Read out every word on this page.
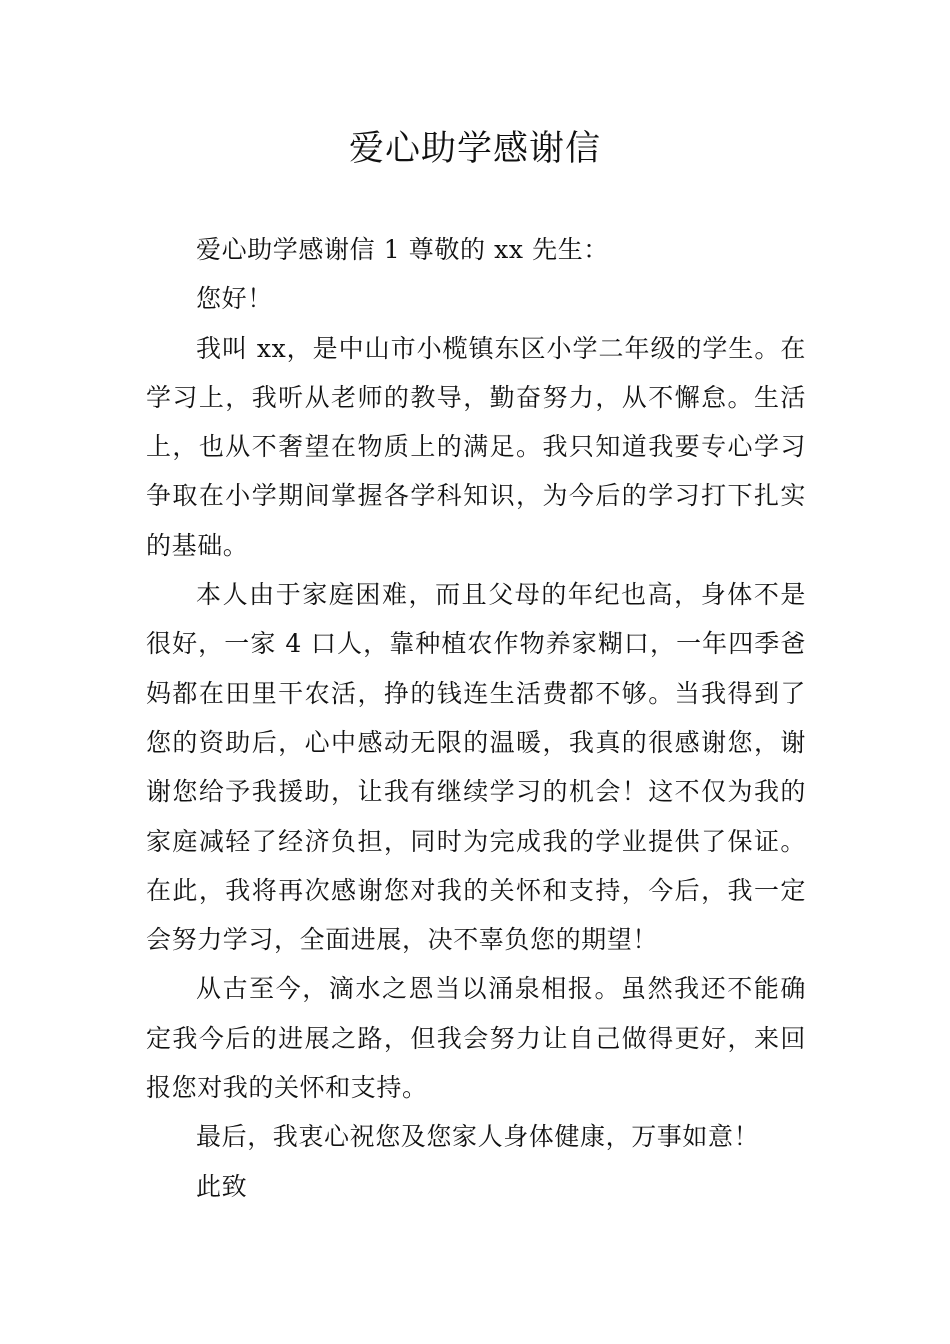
爱心助学感谢信

爱心助学感谢信 1 尊敬的 xx 先生：

您好！

我叫 xx，是中山市小榄镇东区小学二年级的学生。在学习上，我听从老师的教导，勤奋努力，从不懈怠。生活上，也从不奢望在物质上的满足。我只知道我要专心学习争取在小学期间掌握各学科知识，为今后的学习打下扎实的基础。

本人由于家庭困难，而且父母的年纪也高，身体不是很好，一家 4 口人，靠种植农作物养家糊口，一年四季爸妈都在田里干农活，挣的钱连生活费都不够。当我得到了您的资助后，心中感动无限的温暖，我真的很感谢您，谢谢您给予我援助，让我有继续学习的机会！这不仅为我的家庭减轻了经济负担，同时为完成我的学业提供了保证。在此，我将再次感谢您对我的关怀和支持，今后，我一定会努力学习，全面进展，决不辜负您的期望！

从古至今，滴水之恩当以涌泉相报。虽然我还不能确定我今后的进展之路，但我会努力让自己做得更好，来回报您对我的关怀和支持。

最后，我衷心祝您及您家人身体健康，万事如意！

此致
